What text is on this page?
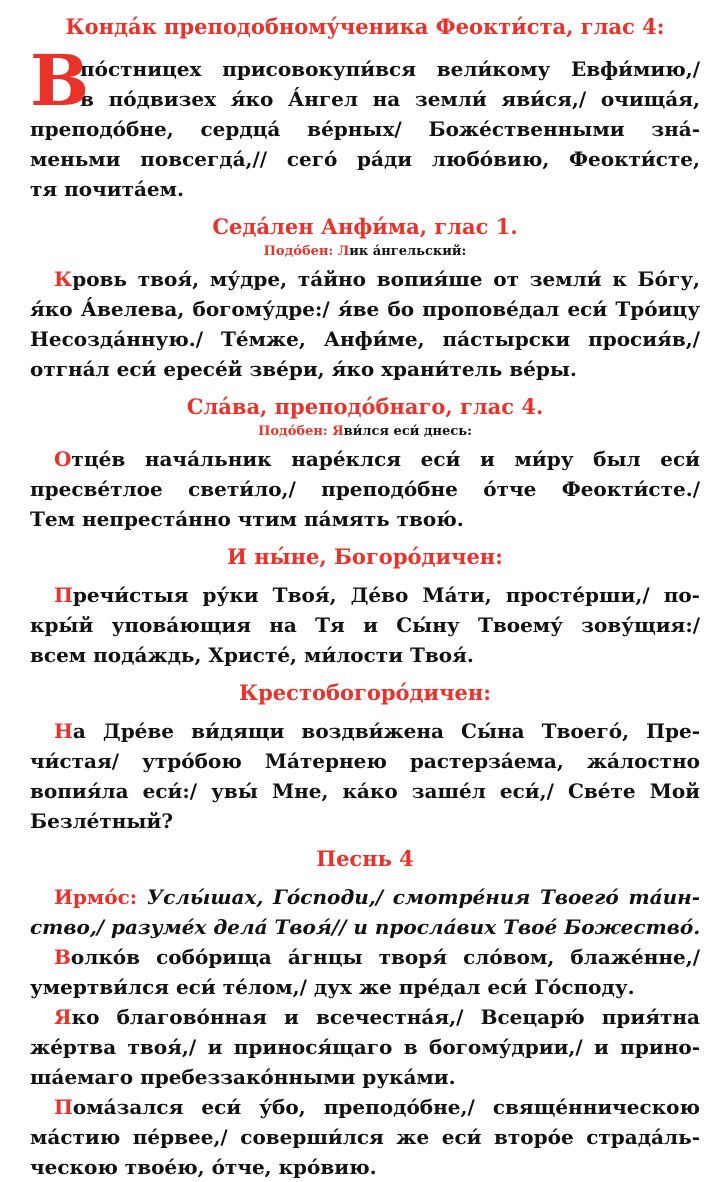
Конда́к преподобному́ченика Феокти́ста, глас 4:
В
по́стницех присовокупи́вся вели́кому Евфи́мию,/
в по́двизех я́ко А́нгел на земли́ яви́ся,/ очища́я,
преподо́бне, сердца́ ве́рных/ Боже́ственными зна́-
меньми повсегда́,// сего́ ра́ди любо́вию, Феокти́сте,
тя почита́ем.
Седа́лен Анфи́ма, глас 1.
Подо́бен: Лик а́нгельский:
Кровь твоя́, му́дре, та́йно вопия́ше от земли́ к Бо́гу,
я́ко А́велева, богому́дре:/ я́ве бо пропове́дал еси́ Тро́ицу
Несозда́нную./ Те́мже, Анфи́ме, па́стырски просия́в,/
отгна́л еси́ ересе́й зве́ри, я́ко храни́тель ве́ры.
Сла́ва, преподо́бнаго, глас 4.
Подо́бен: Яви́лся еси́ днесь:
Отце́в нача́льник наре́клся еси́ и ми́ру был еси́
пресве́тлое свети́ло,/ преподо́бне о́тче Феокти́сте./
Тем непреста́нно чтим па́мять твою́.
И ны́не, Богоро́дичен:
Пречи́стыя ру́ки Твоя́, Де́во Ма́ти, просте́рши,/ по-
кры́й упова́ющия на Тя и Сы́ну Твоему́ зову́щия:/
всем пода́ждь, Христе́, ми́лости Твоя́.
Крестобогоро́дичен:
На Дре́ве ви́дящи воздви́жена Сы́на Твоего́, Пре-
чи́стая/ утро́бою Ма́тернею растерза́ема, жа́лостно
вопия́ла еси́:/ увы́ Мне, ка́ко заше́л еси́,/ Све́те Мой
Безле́тный?
Песнь 4
Ирмо́с: Услы́шах, Го́споди,/ смотре́ния Твоего́ та́ин-
ство,/ разуме́х дела́ Твоя́// и просла́вих Твое́ Божество́.
Волко́в собо́рища а́гнцы творя́ сло́вом, блаже́нне,/
умертви́лся еси́ те́лом,/ дух же пре́дал еси́ Го́споду.
Яко благово́нная и всечестна́я,/ Всецарю́ прия́тна
же́ртва твоя́,/ и принося́щаго в богому́дрии,/ и прино-
ша́емаго пребеззако́нными рука́ми.
Пома́зался еси́ у́бо, преподо́бне,/ свяще́нническою
ма́стию пе́рвее,/ соверши́лся же еси́ второ́е страда́ль-
ческою твое́ю, о́тче, кро́вию.
